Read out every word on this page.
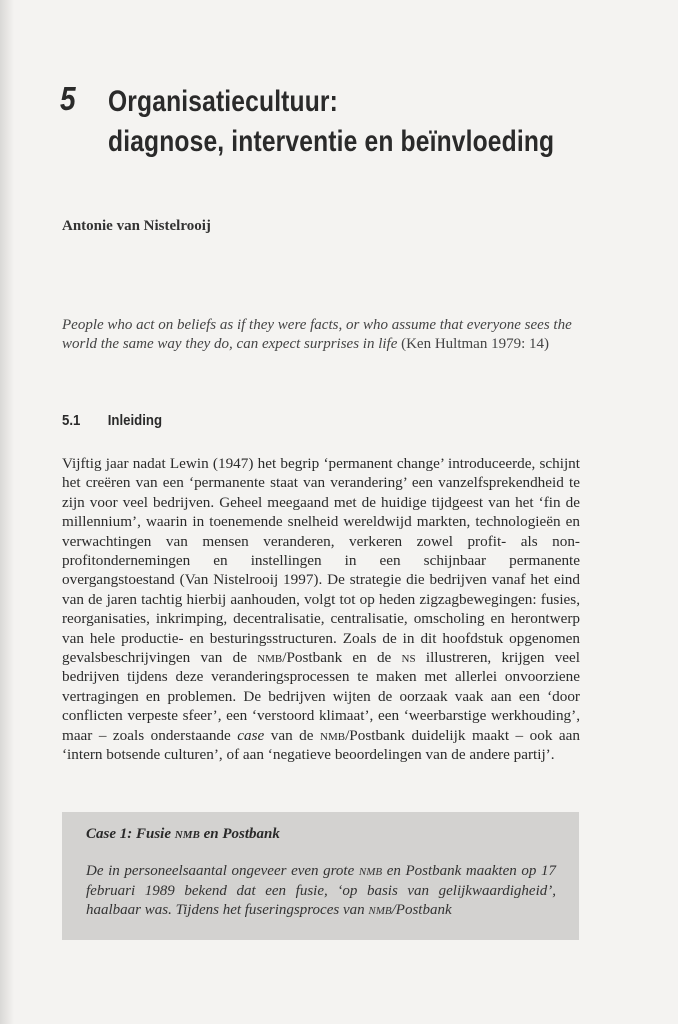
5 Organisatiecultuur:
diagnose, interventie en beïnvloeding
Antonie van Nistelrooij
People who act on beliefs as if they were facts, or who assume that everyone sees the world the same way they do, can expect surprises in life (Ken Hultman 1979: 14)
5.1 Inleiding
Vijftig jaar nadat Lewin (1947) het begrip ‘permanent change’ introduceerde, schijnt het creëren van een ‘permanente staat van verandering’ een vanzelfsprekendheid te zijn voor veel bedrijven. Geheel meegaand met de huidige tijdgeest van het ‘fin de millennium’, waarin in toenemende snelheid wereldwijd markten, technologieën en verwachtingen van mensen veranderen, verkeren zowel profit- als non-profitondernemingen en instellingen in een schijnbaar permanente overgangstoestand (Van Nistelrooij 1997). De strategie die bedrijven vanaf het eind van de jaren tachtig hierbij aanhouden, volgt tot op heden zigzagbewegingen: fusies, reorganisaties, inkrimping, decentralisatie, centralisatie, omscholing en herontwerp van hele productie- en besturingsstructuren. Zoals de in dit hoofdstuk opgenomen gevalsbeschrijvingen van de nmb/Postbank en de ns illustreren, krijgen veel bedrijven tijdens deze veranderingsprocessen te maken met allerlei onvoorziene vertragingen en problemen. De bedrijven wijten de oorzaak vaak aan een ‘door conflicten verpeste sfeer’, een ‘verstoord klimaat’, een ‘weerbarstige werkhouding’, maar – zoals onderstaande case van de nmb/Postbank duidelijk maakt – ook aan ‘intern botsende culturen’, of aan ‘negatieve beoordelingen van de andere partij’.
Case 1: Fusie nmb en Postbank
De in personeelsaantal ongeveer even grote nmb en Postbank maakten op 17 februari 1989 bekend dat een fusie, ‘op basis van gelijkwaardigheid’, haalbaar was. Tijdens het fuseringsproces van nmb/Postbank
